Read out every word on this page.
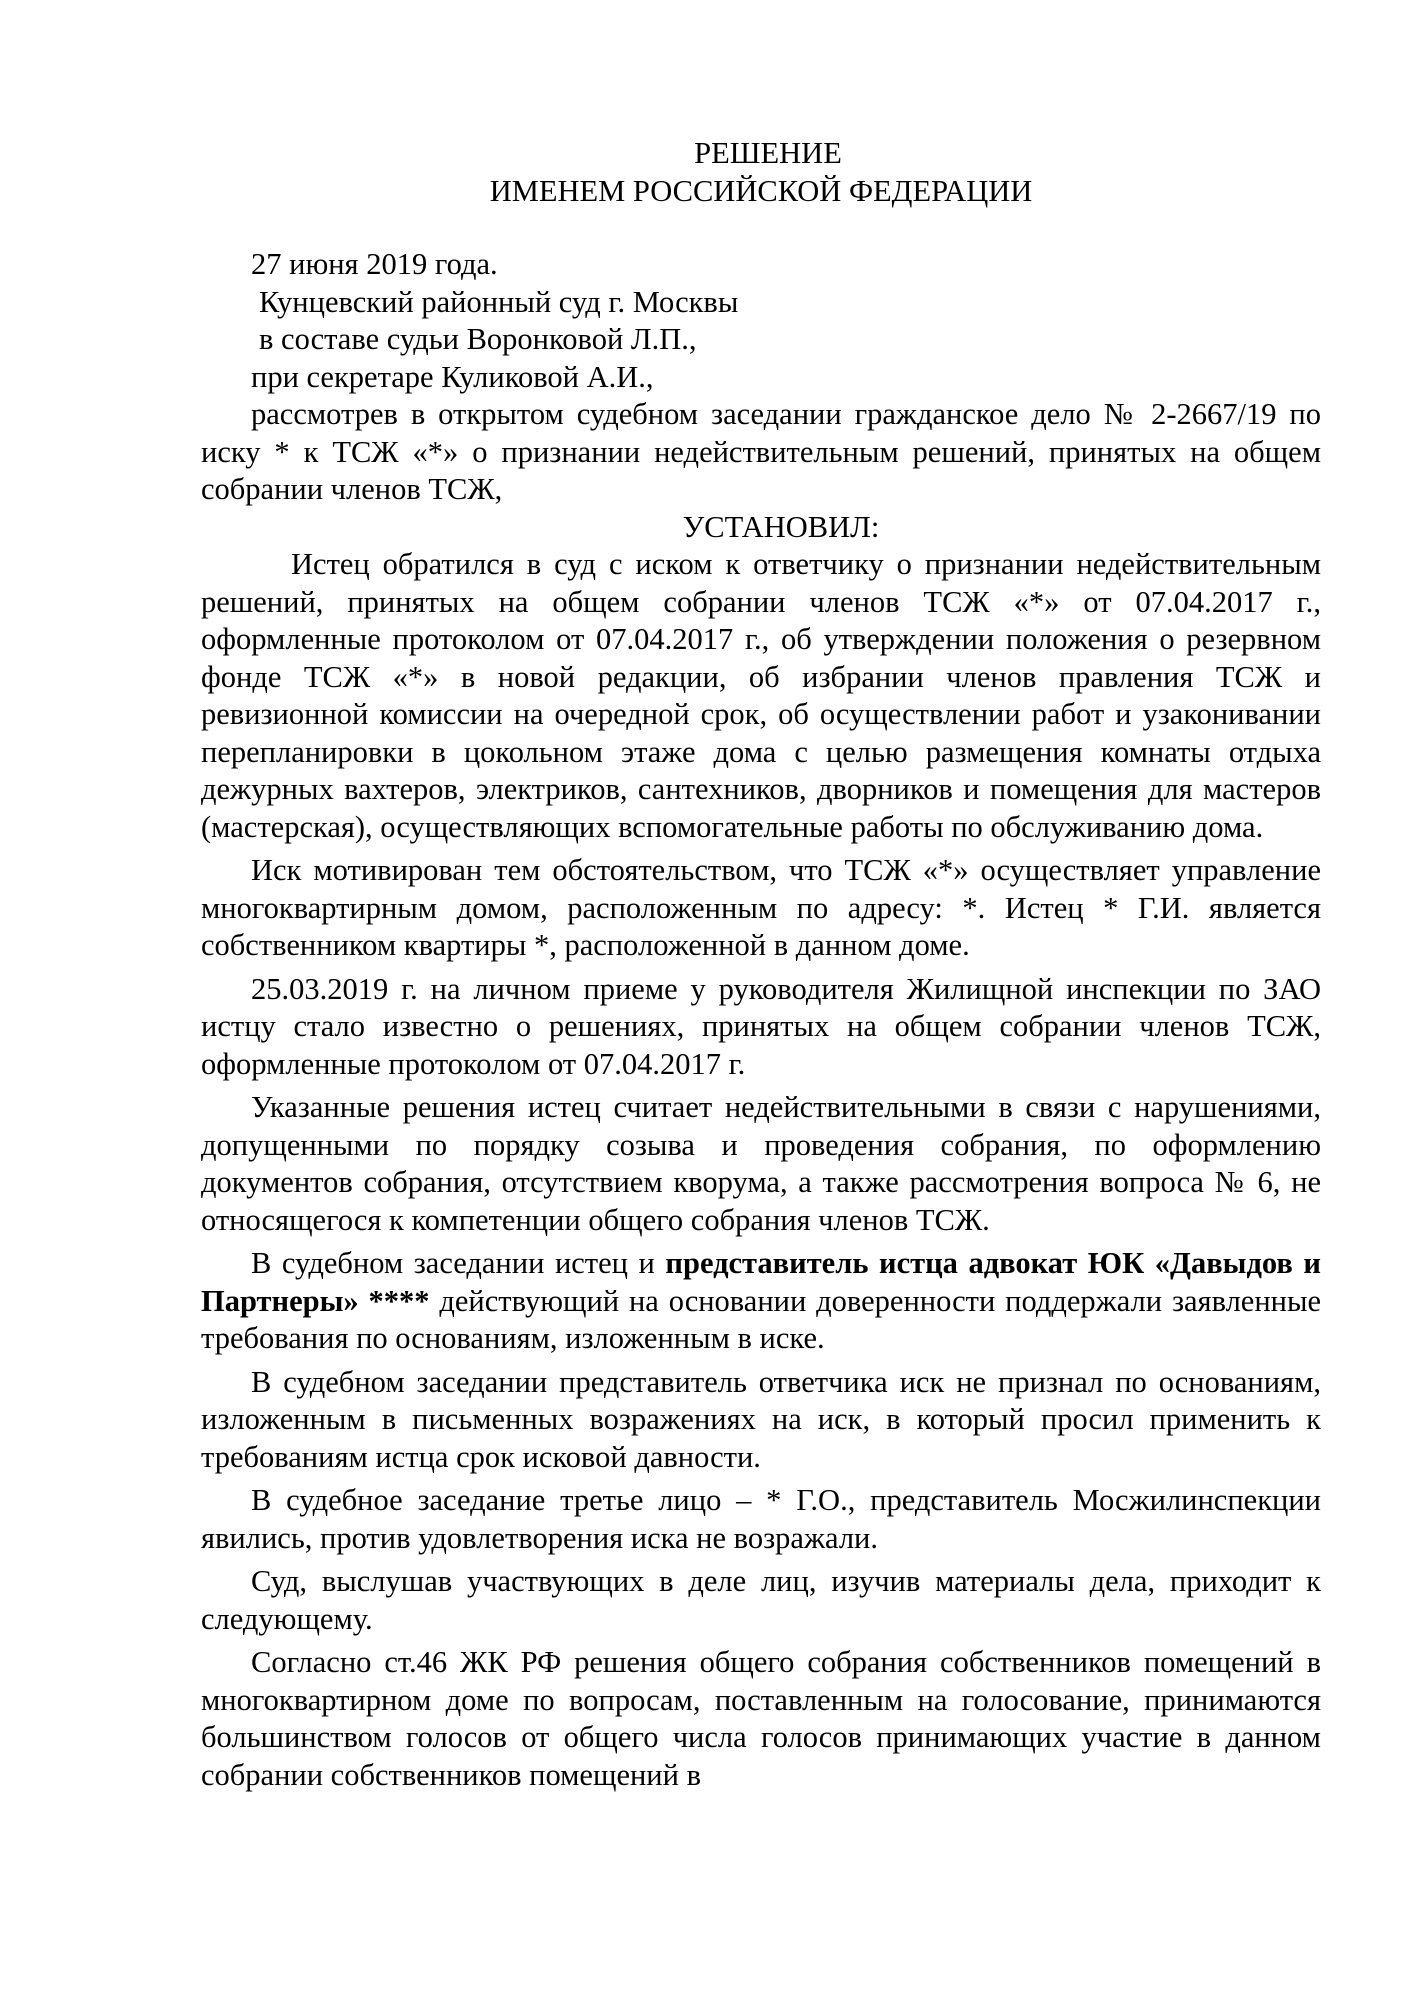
РЕШЕНИЕ
ИМЕНЕМ РОССИЙСКОЙ ФЕДЕРАЦИИ
27 июня 2019 года.
Кунцевский районный суд г. Москвы
в составе судьи Воронковой Л.П.,
при секретаре Куликовой А.И.,

рассмотрев в открытом судебном заседании гражданское дело № 2-2667/19 по иску * к ТСЖ «*» о признании недействительным решений, принятых на общем собрании членов ТСЖ,

УСТАНОВИЛ:

Истец обратился в суд с иском к ответчику о признании недействительным решений, принятых на общем собрании членов ТСЖ «*» от 07.04.2017 г., оформленные протоколом от 07.04.2017 г., об утверждении положения о резервном фонде ТСЖ «*» в новой редакции, об избрании членов правления ТСЖ и ревизионной комиссии на очередной срок, об осуществлении работ и узаконивании перепланировки в цокольном этаже дома с целью размещения комнаты отдыха дежурных вахтеров, электриков, сантехников, дворников и помещения для мастеров (мастерская), осуществляющих вспомогательные работы по обслуживанию дома.

Иск мотивирован тем обстоятельством, что ТСЖ «*» осуществляет управление многоквартирным домом, расположенным по адресу: *. Истец * Г.И. является собственником квартиры *, расположенной в данном доме.

25.03.2019 г. на личном приеме у руководителя Жилищной инспекции по ЗАО истцу стало известно о решениях, принятых на общем собрании членов ТСЖ, оформленные протоколом от 07.04.2017 г.

Указанные решения истец считает недействительными в связи с нарушениями, допущенными по порядку созыва и проведения собрания, по оформлению документов собрания, отсутствием кворума, а также рассмотрения вопроса № 6, не относящегося к компетенции общего собрания членов ТСЖ.

В судебном заседании истец и представитель истца адвокат ЮК «Давыдов и Партнеры» **** действующий на основании доверенности поддержали заявленные требования по основаниям, изложенным в иске.

В судебном заседании представитель ответчика иск не признал по основаниям, изложенным в письменных возражениях на иск, в который просил применить к требованиям истца срок исковой давности.

В судебное заседание третье лицо – * Г.О., представитель Мосжилинспекции явились, против удовлетворения иска не возражали.

Суд, выслушав участвующих в деле лиц, изучив материалы дела, приходит к следующему.

Согласно ст.46 ЖК РФ решения общего собрания собственников помещений в многоквартирном доме по вопросам, поставленным на голосование, принимаются большинством голосов от общего числа голосов принимающих участие в данном собрании собственников помещений в
